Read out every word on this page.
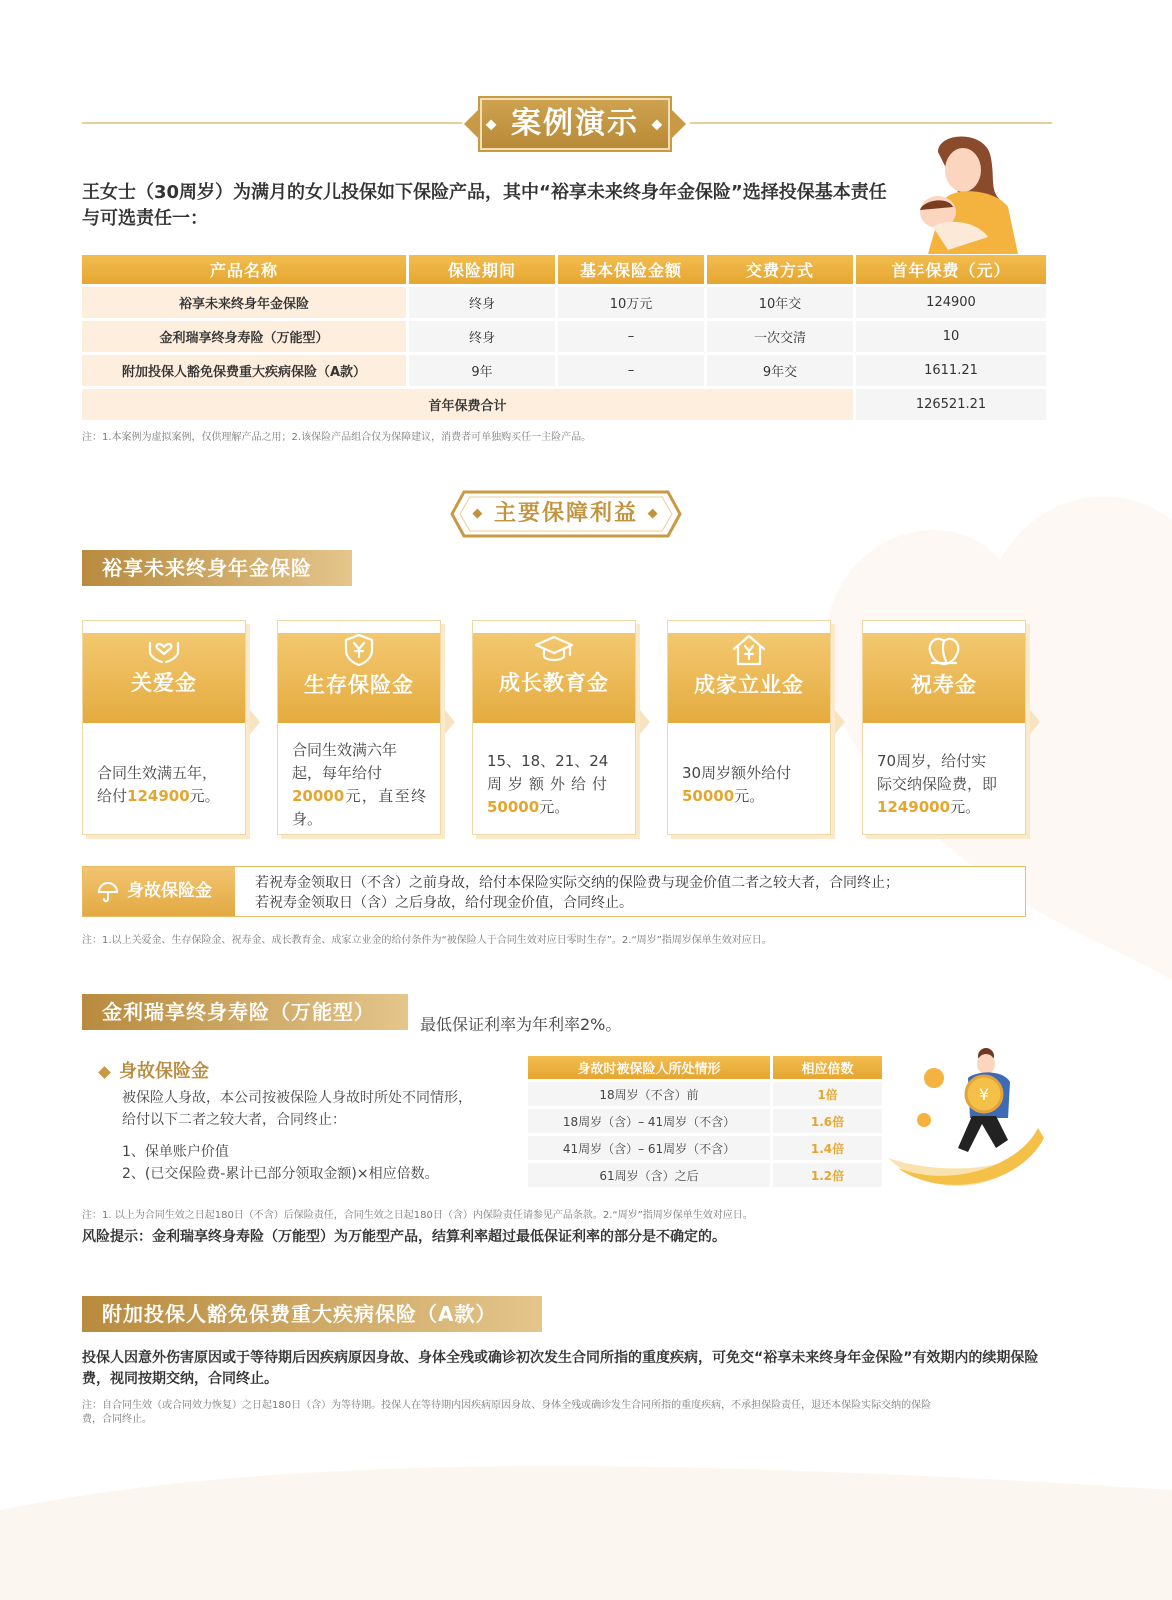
◆ 案例演示 ◆

王女士（30周岁）为满月的女儿投保如下保险产品，其中“裕享未来终身年金保险”选择投保基本责任与可选责任一：

产品名称	保险期间	基本保险金额	交费方式	首年保费（元）
裕享未来终身年金保险	终身	10万元	10年交	124900
金利瑞享终身寿险（万能型）	终身	–	一次交清	10
附加投保人豁免保费重大疾病保险（A款）	9年	–	9年交	1611.21
首年保费合计				126521.21

注：1.本案例为虚拟案例，仅供理解产品之用；2.该保险产品组合仅为保障建议，消费者可单独购买任一主险产品。

◆ 主要保障利益 ◆
裕享未来终身年金保险
关爱金
合同生效满五年，
给付124900元。
生存保险金
合同生效满六年
起，每年给付
20000元，直至终身。
成长教育金
15、18、21、24
周岁额外给付
50000元。
成家立业金
30周岁额外给付
50000元。
祝寿金
70周岁，给付实
际交纳保险费，即
1249000元。
身故保险金	若祝寿金领取日（不含）之前身故，给付本保险实际交纳的保险费与现金价值二者之较大者，合同终止；
若祝寿金领取日（含）之后身故，给付现金价值，合同终止。

注：1.以上关爱金、生存保险金、祝寿金、成长教育金、成家立业金的给付条件为“被保险人于合同生效对应日零时生存”。2.“周岁”指周岁保单生效对应日。

金利瑞享终身寿险（万能型）

最低保证利率为年利率2%。

身故保险金

被保险人身故，本公司按被保险人身故时所处不同情形，

给付以下二者之较大者，合同终止：

1、保单账户价值

2、(已交保险费-累计已部分领取金额)×相应倍数。

身故时被保险人所处情形	相应倍数
18周岁（不含）前	1倍
18周岁（含）– 41周岁（不含）	1.6倍
41周岁（含）– 61周岁（不含）	1.4倍
61周岁（含）之后	1.2倍
¥

注：1. 以上为合同生效之日起180日（不含）后保险责任，合同生效之日起180日（含）内保险责任请参见产品条款。2.“周岁”指周岁保单生效对应日。

风险提示：金利瑞享终身寿险（万能型）为万能型产品，结算利率超过最低保证利率的部分是不确定的。

附加投保人豁免保费重大疾病保险（A款）

投保人因意外伤害原因或于等待期后因疾病原因身故、身体全残或确诊初次发生合同所指的重度疾病，可免交“裕享未来终身年金保险”有效期内的续期保险费，视同按期交纳，合同终止。

注：自合同生效（或合同效力恢复）之日起180日（含）为等待期。投保人在等待期内因疾病原因身故、身体全残或确诊发生合同所指的重度疾病，不承担保险责任，退还本保险实际交纳的保险

费，合同终止。
